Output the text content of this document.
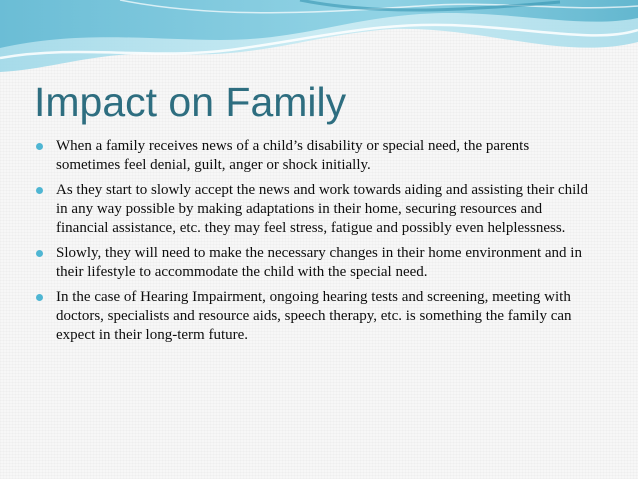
Impact on Family
When a family receives news of a child’s disability or special need, the parents sometimes feel denial, guilt, anger or shock initially.
As they start to slowly accept the news and work towards aiding and assisting their child in any way possible by making adaptations in their home, securing resources and financial assistance, etc. they may feel stress, fatigue and possibly even helplessness.
Slowly, they will need to make the necessary changes in their home environment and in their lifestyle to accommodate the child with the special need.
In the case of Hearing Impairment, ongoing hearing tests and screening, meeting with doctors, specialists and resource aids, speech therapy, etc. is something the family can expect in their long-term future.
